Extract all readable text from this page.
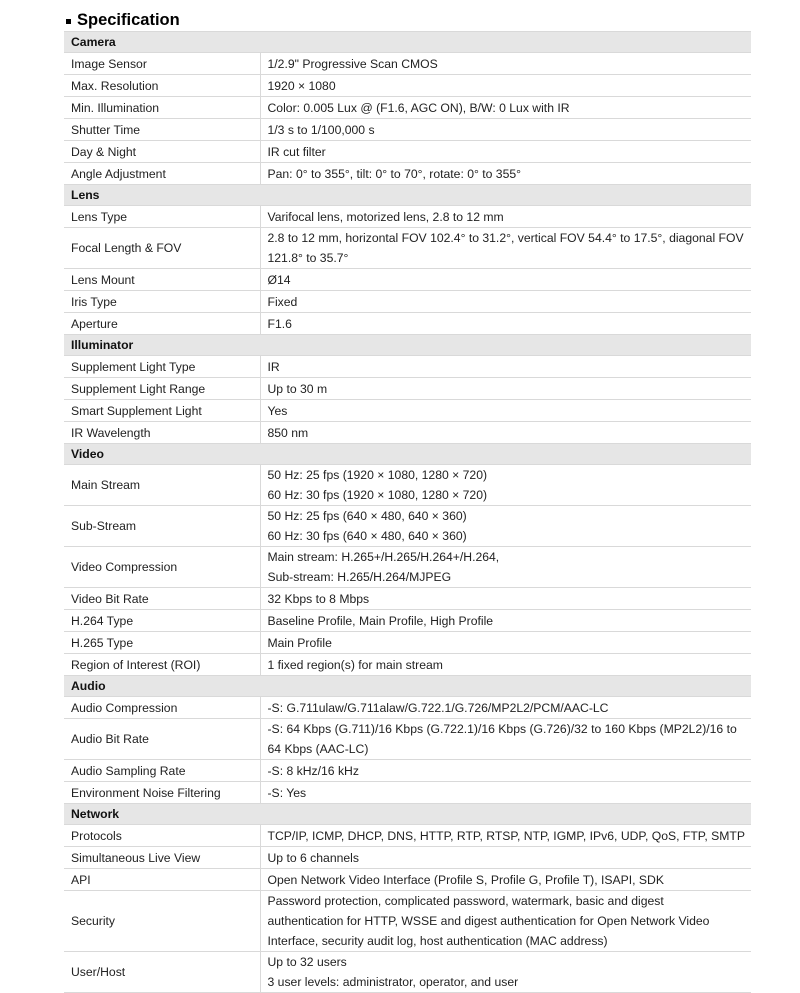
Specification
Camera	
Image Sensor	1/2.9" Progressive Scan CMOS

Max. Resolution	1920 × 1080

Min. Illumination	Color: 0.005 Lux @ (F1.6, AGC ON), B/W: 0 Lux with IR

Shutter Time	1/3 s to 1/100,000 s

Day & Night	IR cut filter

Angle Adjustment	Pan: 0° to 355°, tilt: 0° to 70°, rotate: 0° to 355°

Lens	
Lens Type	Varifocal lens, motorized lens, 2.8 to 12 mm

Focal Length & FOV	2.8 to 12 mm, horizontal FOV 102.4° to 31.2°, vertical FOV 54.4° to 17.5°, diagonal FOV
121.8° to 35.7°

Lens Mount	Ø14

Iris Type	Fixed

Aperture	F1.6

Illuminator	
Supplement Light Type	IR

Supplement Light Range	Up to 30 m

Smart Supplement Light	Yes

IR Wavelength	850 nm

Video	
Main Stream	50 Hz: 25 fps (1920 × 1080, 1280 × 720)
60 Hz: 30 fps (1920 × 1080, 1280 × 720)

Sub-Stream	50 Hz: 25 fps (640 × 480, 640 × 360)
60 Hz: 30 fps (640 × 480, 640 × 360)

Video Compression	Main stream: H.265+/H.265/H.264+/H.264,
Sub-stream: H.265/H.264/MJPEG

Video Bit Rate	32 Kbps to 8 Mbps

H.264 Type	Baseline Profile, Main Profile, High Profile

H.265 Type	Main Profile

Region of Interest (ROI)	1 fixed region(s) for main stream

Audio	
Audio Compression	-S: G.711ulaw/G.711alaw/G.722.1/G.726/MP2L2/PCM/AAC-LC

Audio Bit Rate	-S: 64 Kbps (G.711)/16 Kbps (G.722.1)/16 Kbps (G.726)/32 to 160 Kbps (MP2L2)/16 to
64 Kbps (AAC-LC)

Audio Sampling Rate	-S: 8 kHz/16 kHz

Environment Noise Filtering	-S: Yes

Network	
Protocols	TCP/IP, ICMP, DHCP, DNS, HTTP, RTP, RTSP, NTP, IGMP, IPv6, UDP, QoS, FTP, SMTP

Simultaneous Live View	Up to 6 channels

API	Open Network Video Interface (Profile S, Profile G, Profile T), ISAPI, SDK

Security	Password protection, complicated password, watermark, basic and digest
authentication for HTTP, WSSE and digest authentication for Open Network Video
Interface, security audit log, host authentication (MAC address)

User/Host	Up to 32 users
3 user levels: administrator, operator, and user
